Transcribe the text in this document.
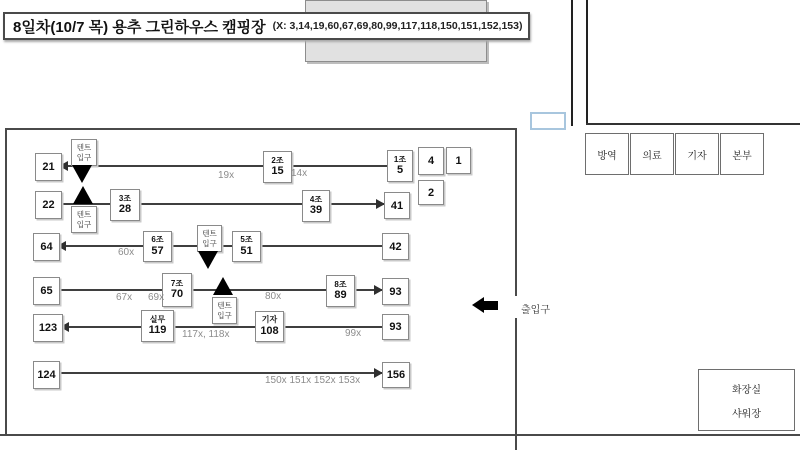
8일차(10/7 목) 용추 그린하우스 캠핑장 (X: 3,14,19,60,67,69,80,99,117,118,150,151,152,153)
방역	의료	기자	본부
화장실
샤워장
출입구
텐트
입구
텐트
입구
텐트
입구
텐트
입구
1조
5
2조
15
3조
28
4조
39
5조
51
6조
57
7조
70
8조
89
실무
119
기자
108
21
22
64
65
123
124
41
42
93
93
156
4 1
2
19x	14x
60x
67x 69x	80x
117x, 118x	99x
150x 151x 152x 153x
